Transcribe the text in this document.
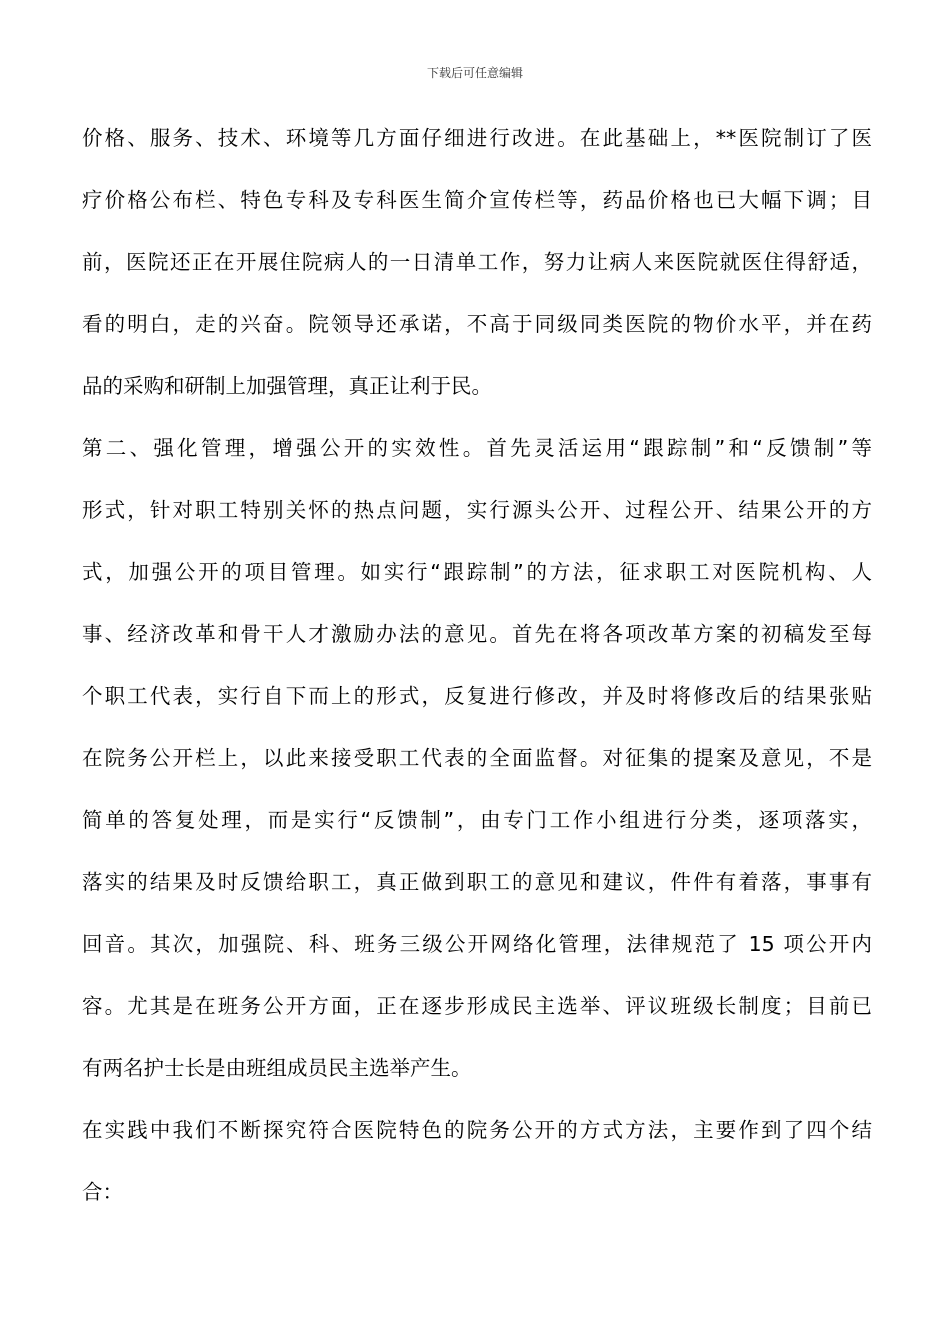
下载后可任意编辑
价格、服务、技术、环境等几方面仔细进行改进。在此基础上，**医院制订了医
疗价格公布栏、特色专科及专科医生简介宣传栏等，药品价格也已大幅下调；目
前，医院还正在开展住院病人的一日清单工作，努力让病人来医院就医住得舒适，
看的明白，走的兴奋。院领导还承诺，不高于同级同类医院的物价水平，并在药
品的采购和研制上加强管理，真正让利于民。
第二、强化管理，增强公开的实效性。首先灵活运用“跟踪制”和“反馈制”等
形式，针对职工特别关怀的热点问题，实行源头公开、过程公开、结果公开的方
式，加强公开的项目管理。如实行“跟踪制”的方法，征求职工对医院机构、人
事、经济改革和骨干人才激励办法的意见。首先在将各项改革方案的初稿发至每
个职工代表，实行自下而上的形式，反复进行修改，并及时将修改后的结果张贴
在院务公开栏上，以此来接受职工代表的全面监督。对征集的提案及意见，不是
简单的答复处理，而是实行“反馈制”，由专门工作小组进行分类，逐项落实，
落实的结果及时反馈给职工，真正做到职工的意见和建议，件件有着落，事事有
回音。其次，加强院、科、班务三级公开网络化管理，法律规范了 15 项公开内
容。尤其是在班务公开方面，正在逐步形成民主选举、评议班级长制度；目前已
有两名护士长是由班组成员民主选举产生。
在实践中我们不断探究符合医院特色的院务公开的方式方法，主要作到了四个结
合：
